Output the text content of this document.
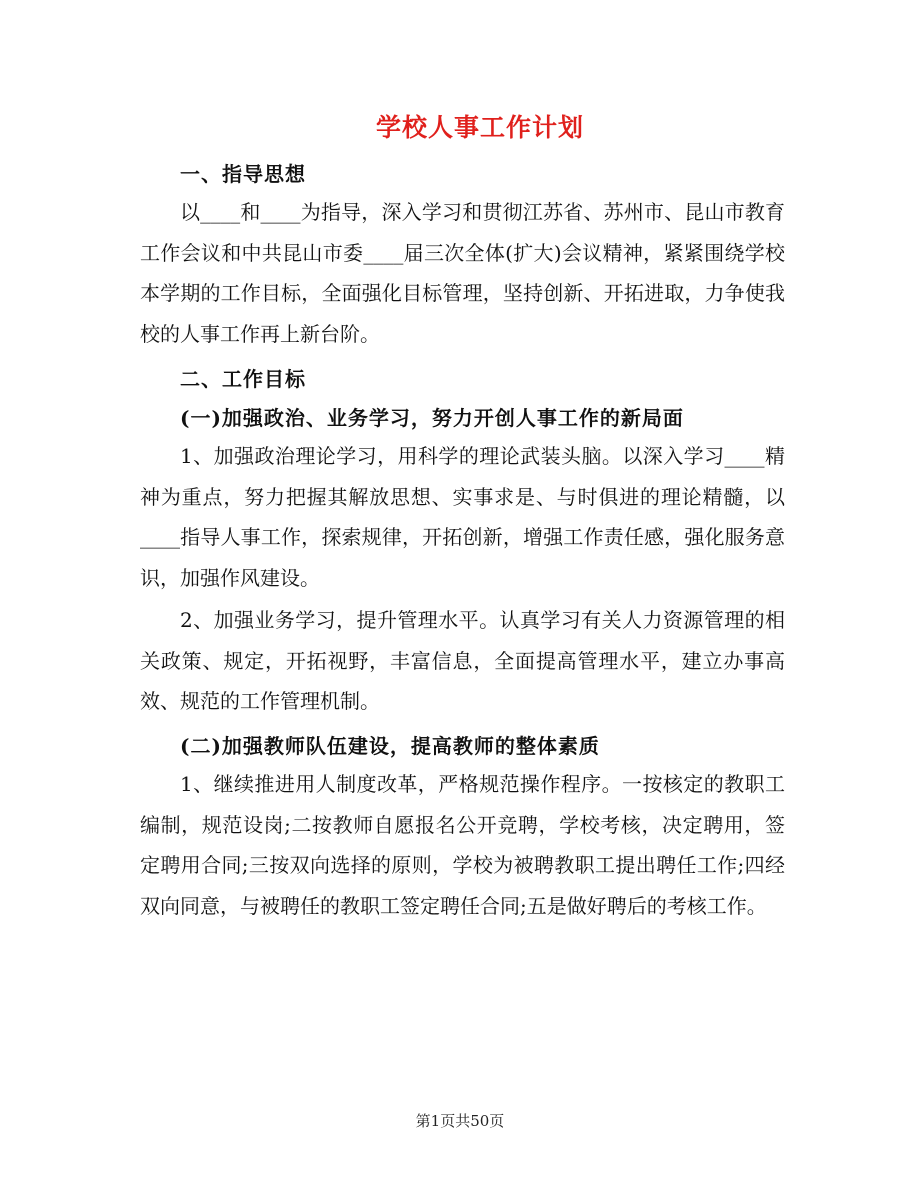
学校人事工作计划
一、指导思想
以____和____为指导，深入学习和贯彻江苏省、苏州市、昆山市教育工作会议和中共昆山市委____届三次全体(扩大)会议精神，紧紧围绕学校本学期的工作目标，全面强化目标管理，坚持创新、开拓进取，力争使我校的人事工作再上新台阶。
二、工作目标
(一)加强政治、业务学习，努力开创人事工作的新局面
1、加强政治理论学习，用科学的理论武装头脑。以深入学习____精神为重点，努力把握其解放思想、实事求是、与时俱进的理论精髓，以____指导人事工作，探索规律，开拓创新，增强工作责任感，强化服务意识，加强作风建设。
2、加强业务学习，提升管理水平。认真学习有关人力资源管理的相关政策、规定，开拓视野，丰富信息，全面提高管理水平，建立办事高效、规范的工作管理机制。
(二)加强教师队伍建设，提高教师的整体素质
1、继续推进用人制度改革，严格规范操作程序。一按核定的教职工编制，规范设岗;二按教师自愿报名公开竞聘，学校考核，决定聘用，签定聘用合同;三按双向选择的原则，学校为被聘教职工提出聘任工作;四经双向同意，与被聘任的教职工签定聘任合同;五是做好聘后的考核工作。
第1页共50页
